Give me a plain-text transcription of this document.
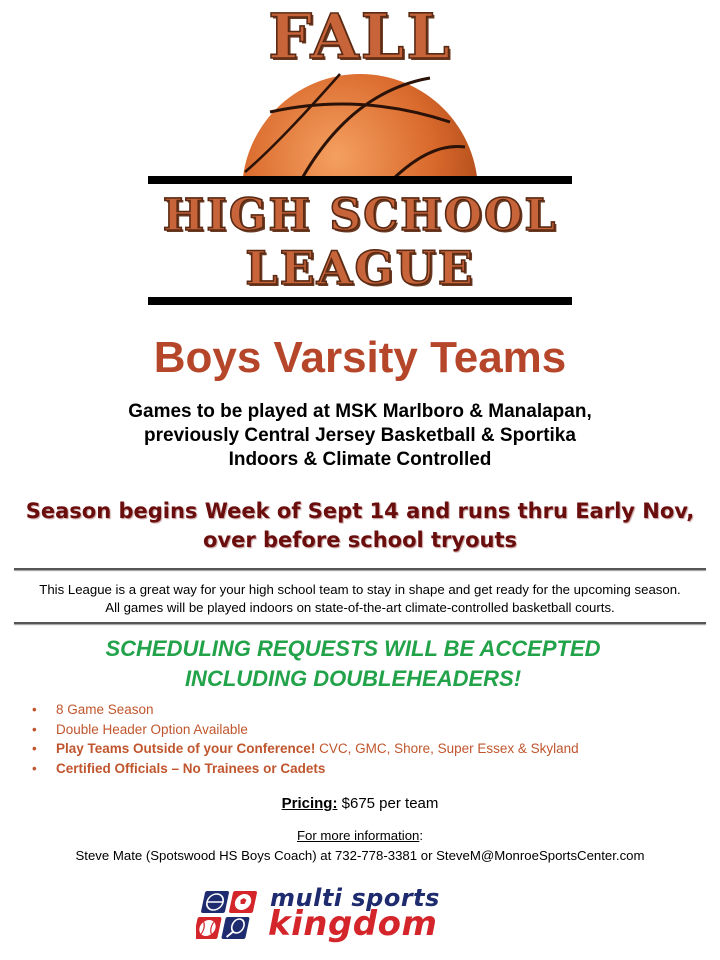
FALL
HIGH SCHOOL
LEAGUE
Boys Varsity Teams
Games to be played at MSK Marlboro & Manalapan,
previously Central Jersey Basketball & Sportika
Indoors & Climate Controlled
Season begins Week of Sept 14 and runs thru Early Nov,
over before school tryouts
This League is a great way for your high school team to stay in shape and get ready for the upcoming season.
All games will be played indoors on state-of-the-art climate-controlled basketball courts.
SCHEDULING REQUESTS WILL BE ACCEPTED
INCLUDING DOUBLEHEADERS!
• 8 Game Season
• Double Header Option Available
• Play Teams Outside of your Conference! CVC, GMC, Shore, Super Essex & Skyland
• Certified Officials – No Trainees or Cadets
Pricing: $675 per team
For more information:
Steve Mate (Spotswood HS Boys Coach) at 732-778-3381 or SteveM@MonroeSportsCenter.com
multi sports
kingdom
